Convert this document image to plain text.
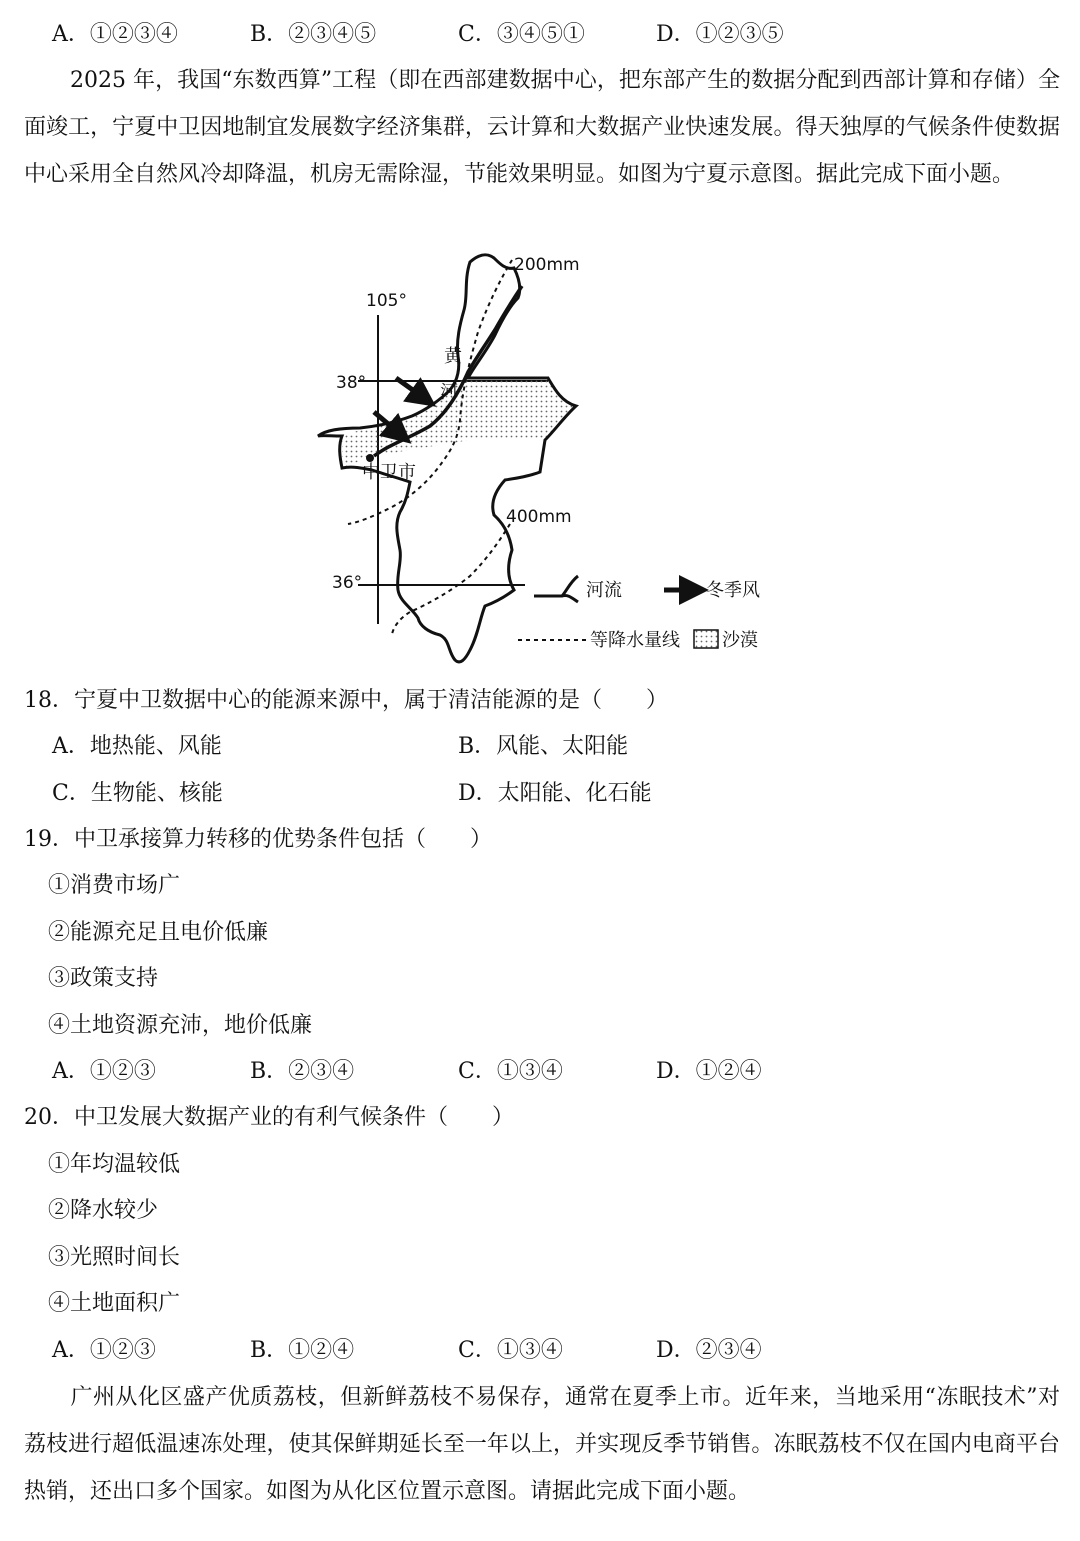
A．①②③④	B．②③④⑤	C．③④⑤①	D．①②③⑤
2025 年，我国“东数西算”工程（即在西部建数据中心，把东部产生的数据分配到西部计算和存储）全面竣工，宁夏中卫因地制宜发展数字经济集群，云计算和大数据产业快速发展。得天独厚的气候条件使数据中心采用全自然风冷却降温，机房无需除湿，节能效果明显。如图为宁夏示意图。据此完成下面小题。
105°
38°
36°
200mm
400mm
黄
河
中卫市
河流	冬季风
等降水量线 沙漠
18．宁夏中卫数据中心的能源来源中，属于清洁能源的是（　　）
A．地热能、风能	B．风能、太阳能
C．生物能、核能	D．太阳能、化石能
19．中卫承接算力转移的优势条件包括（　　）
①消费市场广
②能源充足且电价低廉
③政策支持
④土地资源充沛，地价低廉
A．①②③	B．②③④	C．①③④	D．①②④
20．中卫发展大数据产业的有利气候条件（　　）
①年均温较低
②降水较少
③光照时间长
④土地面积广
A．①②③	B．①②④	C．①③④	D．②③④
广州从化区盛产优质荔枝，但新鲜荔枝不易保存，通常在夏季上市。近年来，当地采用“冻眠技术”对荔枝进行超低温速冻处理，使其保鲜期延长至一年以上，并实现反季节销售。冻眠荔枝不仅在国内电商平台热销，还出口多个国家。如图为从化区位置示意图。请据此完成下面小题。
